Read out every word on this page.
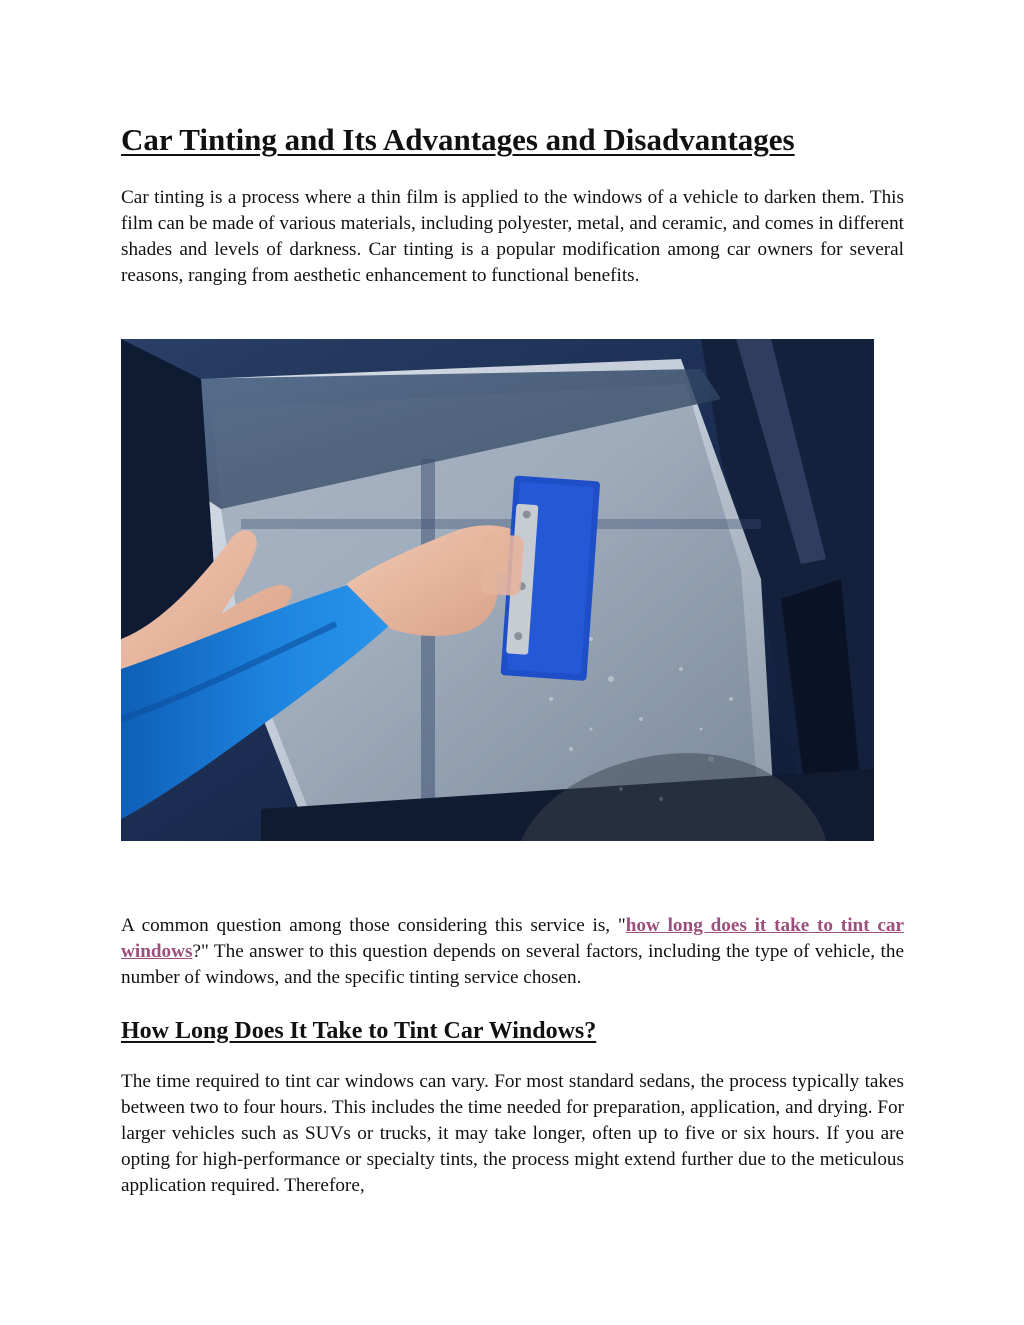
Car Tinting and Its Advantages and Disadvantages

Car tinting is a process where a thin film is applied to the windows of a vehicle to darken them. This film can be made of various materials, including polyester, metal, and ceramic, and comes in different shades and levels of darkness. Car tinting is a popular modification among car owners for several reasons, ranging from aesthetic enhancement to functional benefits.

A common question among those considering this service is, "how long does it take to tint car windows?" The answer to this question depends on several factors, including the type of vehicle, the number of windows, and the specific tinting service chosen.

How Long Does It Take to Tint Car Windows?

The time required to tint car windows can vary. For most standard sedans, the process typically takes between two to four hours. This includes the time needed for preparation, application, and drying. For larger vehicles such as SUVs or trucks, it may take longer, often up to five or six hours. If you are opting for high-performance or specialty tints, the process might extend further due to the meticulous application required. Therefore,
